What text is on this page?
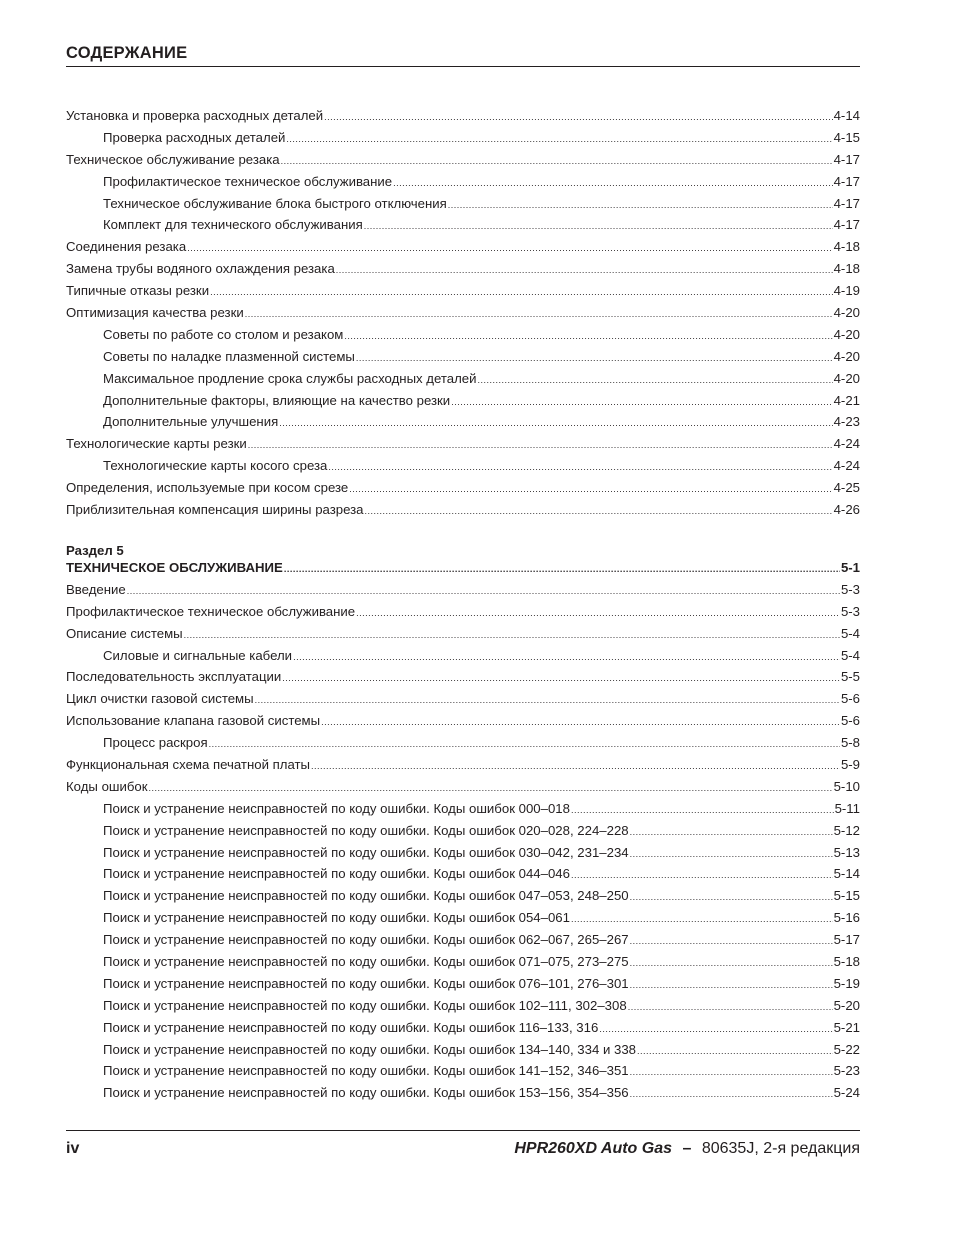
СОДЕРЖАНИЕ
Установка и проверка расходных деталей .....	4-14
Проверка расходных деталей .....	4-15
Техническое обслуживание резака .....	4-17
Профилактическое техническое обслуживание .....	4-17
Техническое обслуживание блока быстрого отключения .....	4-17
Комплект для технического обслуживания .....	4-17
Соединения резака .....	4-18
Замена трубы водяного охлаждения резака .....	4-18
Типичные отказы резки .....	4-19
Оптимизация качества резки .....	4-20
Советы по работе со столом и резаком .....	4-20
Советы по наладке плазменной системы .....	4-20
Максимальное продление срока службы расходных деталей .....	4-20
Дополнительные факторы, влияющие на качество резки .....	4-21
Дополнительные улучшения .....	4-23
Технологические карты резки .....	4-24
Технологические карты косого среза .....	4-24
Определения, используемые при косом срезе .....	4-25
Приблизительная компенсация ширины разреза .....	4-26
Раздел 5
ТЕХНИЧЕСКОЕ ОБСЛУЖИВАНИЕ .....	5-1
Введение .....	5-3
Профилактическое техническое обслуживание .....	5-3
Описание системы .....	5-4
Силовые и сигнальные кабели .....	5-4
Последовательность эксплуатации .....	5-5
Цикл очистки газовой системы .....	5-6
Использование клапана газовой системы .....	5-6
Процесс раскроя .....	5-8
Функциональная схема печатной платы .....	5-9
Коды ошибок .....	5-10
Поиск и устранение неисправностей по коду ошибки. Коды ошибок 000–018 .....	5-11
Поиск и устранение неисправностей по коду ошибки. Коды ошибок 020–028, 224–228 .....	5-12
Поиск и устранение неисправностей по коду ошибки. Коды ошибок 030–042, 231–234 .....	5-13
Поиск и устранение неисправностей по коду ошибки. Коды ошибок 044–046 .....	5-14
Поиск и устранение неисправностей по коду ошибки. Коды ошибок 047–053, 248–250 .....	5-15
Поиск и устранение неисправностей по коду ошибки. Коды ошибок 054–061 .....	5-16
Поиск и устранение неисправностей по коду ошибки. Коды ошибок 062–067, 265–267 .....	5-17
Поиск и устранение неисправностей по коду ошибки. Коды ошибок 071–075, 273–275 .....	5-18
Поиск и устранение неисправностей по коду ошибки. Коды ошибок 076–101, 276–301 .....	5-19
Поиск и устранение неисправностей по коду ошибки. Коды ошибок 102–111, 302–308 .....	5-20
Поиск и устранение неисправностей по коду ошибки. Коды ошибок 116–133, 316 .....	5-21
Поиск и устранение неисправностей по коду ошибки. Коды ошибок 134–140, 334 и 338 .....	5-22
Поиск и устранение неисправностей по коду ошибки. Коды ошибок 141–152, 346–351 .....	5-23
Поиск и устранение неисправностей по коду ошибки. Коды ошибок 153–156, 354–356 .....	5-24
iv	HPR260XD Auto Gas – 80635J, 2-я редакция
